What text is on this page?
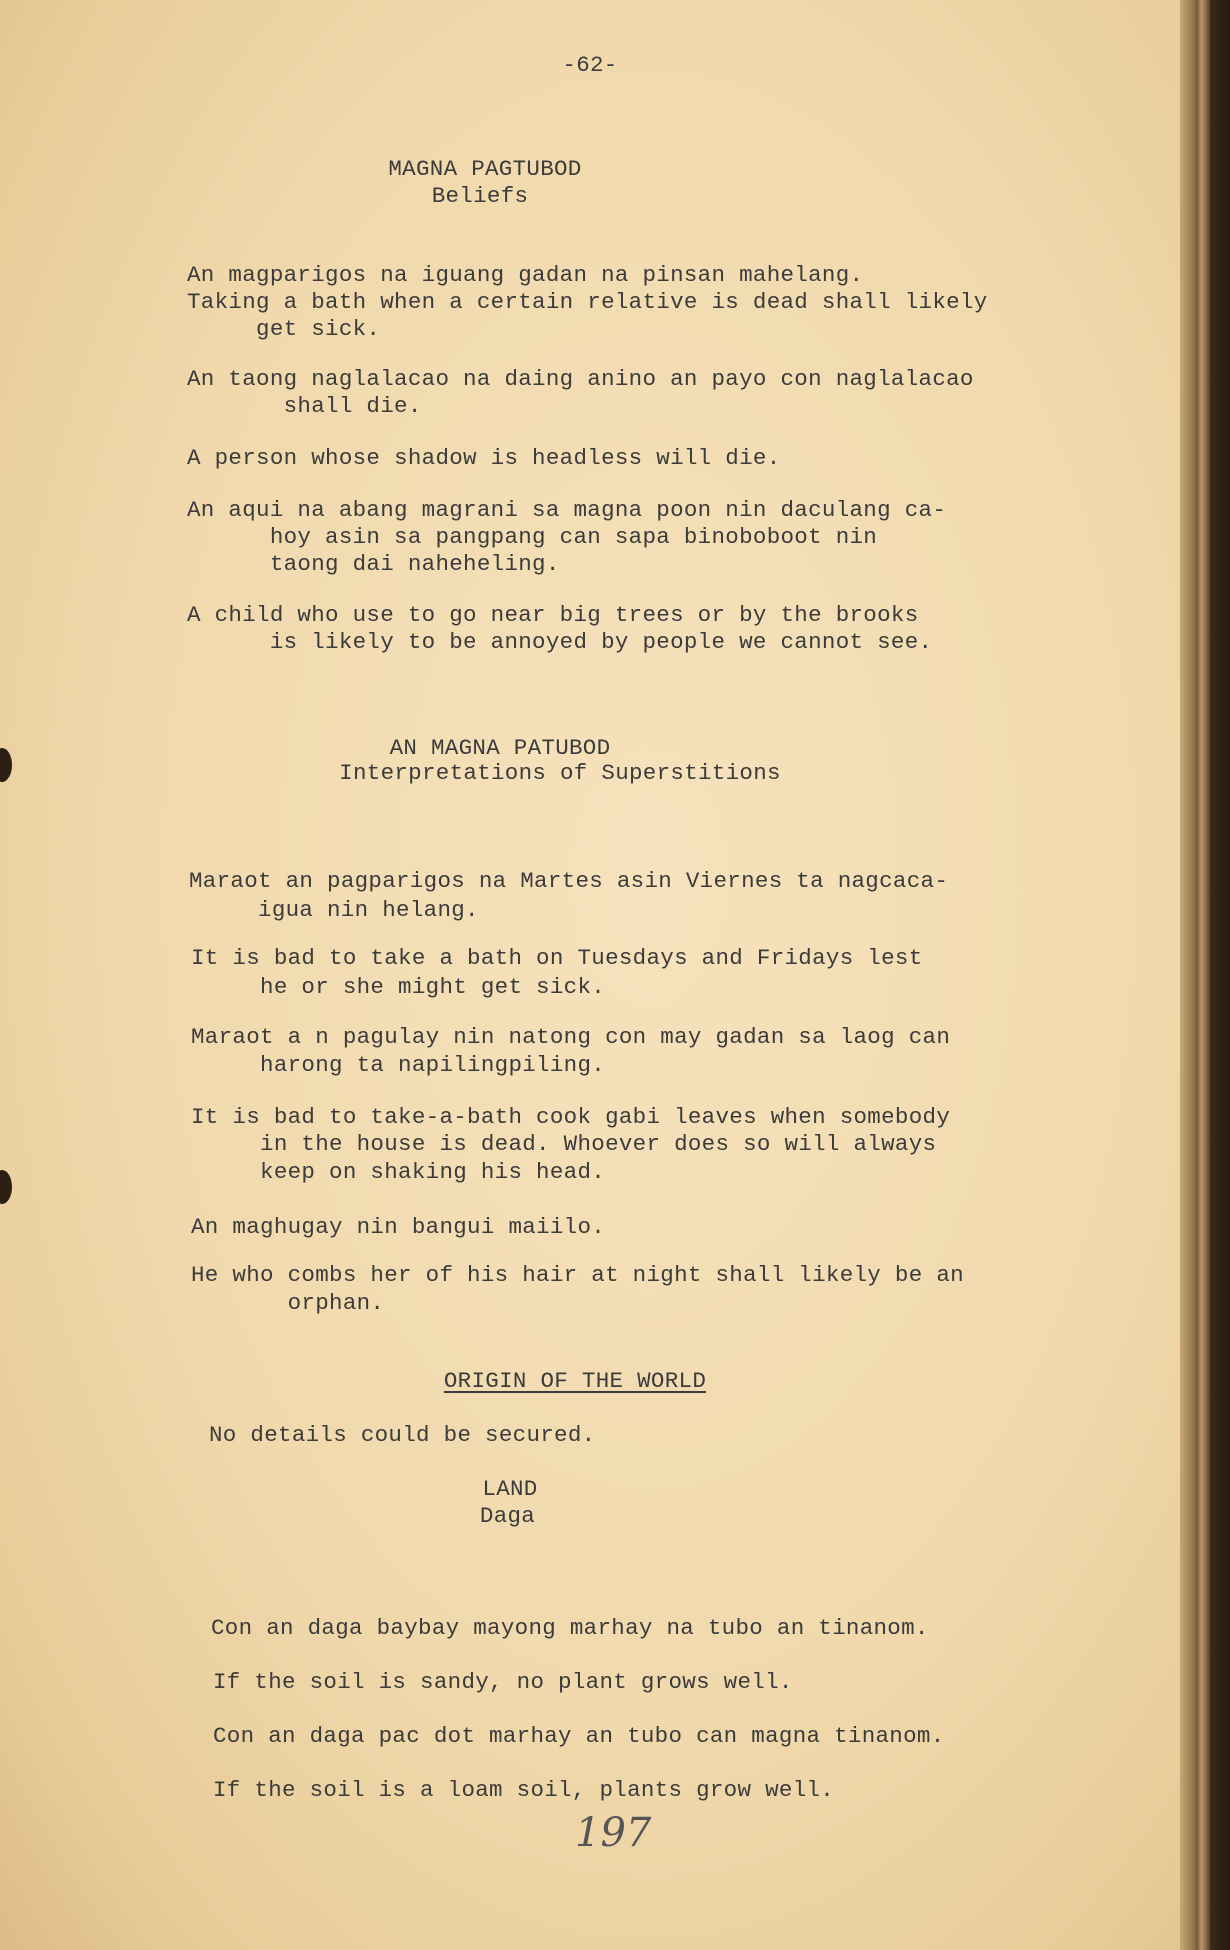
-62-
MAGNA PAGTUBOD
Beliefs
An magparigos na iguang gadan na pinsan mahelang.
Taking a bath when a certain relative is dead shall likely
get sick.
An taong naglalacao na daing anino an payo con naglalacao
shall die.
A person whose shadow is headless will die.
An aqui na abang magrani sa magna poon nin daculang ca-
hoy asin sa pangpang can sapa binoboboot nin
taong dai naheheling.
A child who use to go near big trees or by the brooks
is likely to be annoyed by people we cannot see.
AN MAGNA PATUBOD
Interpretations of Superstitions
Maraot an pagparigos na Martes asin Viernes ta nagcaca-
igua nin helang.
It is bad to take a bath on Tuesdays and Fridays lest
he or she might get sick.
Maraot a n pagulay nin natong con may gadan sa laog can
harong ta napilingpiling.
It is bad to take-a-bath cook gabi leaves when somebody
in the house is dead. Whoever does so will always
keep on shaking his head.
An maghugay nin bangui maiilo.
He who combs her of his hair at night shall likely be an
orphan.
ORIGIN OF THE WORLD
No details could be secured.
LAND
Daga
Con an daga baybay mayong marhay na tubo an tinanom.
If the soil is sandy, no plant grows well.
Con an daga pac dot marhay an tubo can magna tinanom.
If the soil is a loam soil, plants grow well.
197
